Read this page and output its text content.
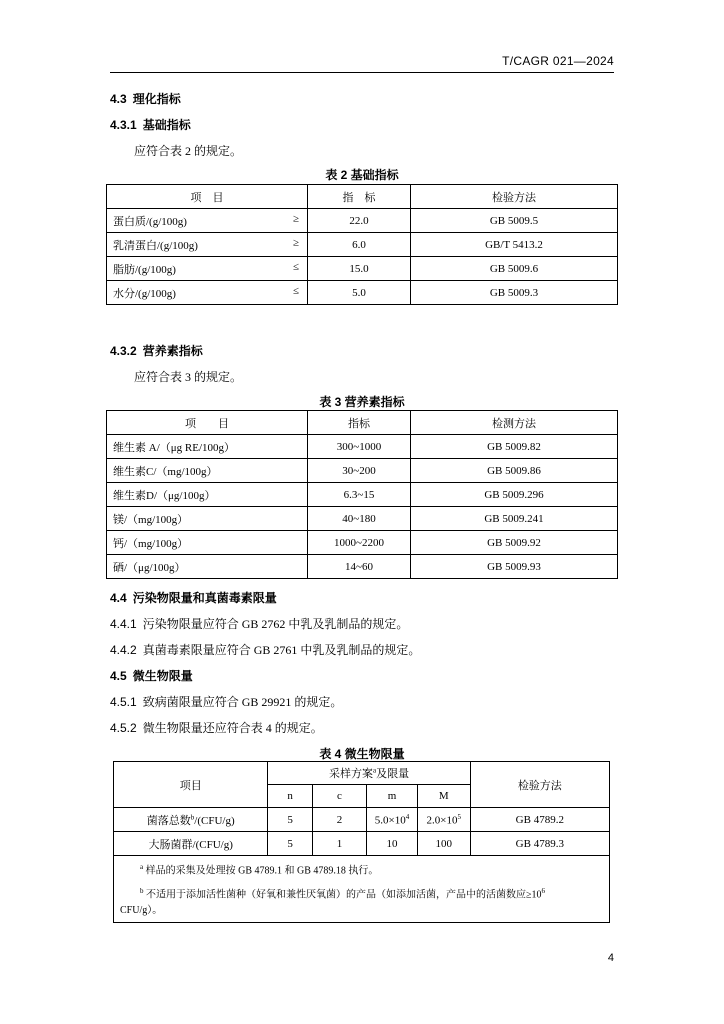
T/CAGR 021—2024
4.3 理化指标
4.3.1 基础指标
应符合表 2 的规定。
表 2 基础指标
项　目	指　标	检验方法
蛋白质/(g/100g) ≥	22.0	GB 5009.5
乳清蛋白/(g/100g) ≥	6.0	GB/T 5413.2
脂肪/(g/100g) ≤	15.0	GB 5009.6
水分/(g/100g) ≤	5.0	GB 5009.3
4.3.2 营养素指标
应符合表 3 的规定。
表 3 营养素指标
项　　目	指标	检测方法
维生素 A/（μg RE/100g）	300~1000	GB 5009.82
维生素C/（mg/100g）	30~200	GB 5009.86
维生素D/（μg/100g）	6.3~15	GB 5009.296
镁/（mg/100g）	40~180	GB 5009.241
钙/（mg/100g）	1000~2200	GB 5009.92
硒/（μg/100g）	14~60	GB 5009.93
4.4 污染物限量和真菌毒素限量
4.4.1 污染物限量应符合 GB 2762 中乳及乳制品的规定。
4.4.2 真菌毒素限量应符合 GB 2761 中乳及乳制品的规定。
4.5 微生物限量
4.5.1 致病菌限量应符合 GB 29921 的规定。
4.5.2 微生物限量还应符合表 4 的规定。
表 4 微生物限量
项目	采样方案$^a$及限量				检验方法
	n	c	m	M	
菌落总数$^b$/(CFU/g)	5	2	$5.0\times 10^4$	$2.0\times 10^5$	GB 4789.2
大肠菌群/(CFU/g)	5	1	10	100	GB 4789.3

$^a$ 样品的采集及处理按 GB 4789.1 和 GB 4789.18 执行。
$^b$ 不适用于添加活性菌种（好氧和兼性厌氧菌）的产品（如添加活菌，产品中的活菌数应$\ge 10^6$
CFU/g）。					
4
